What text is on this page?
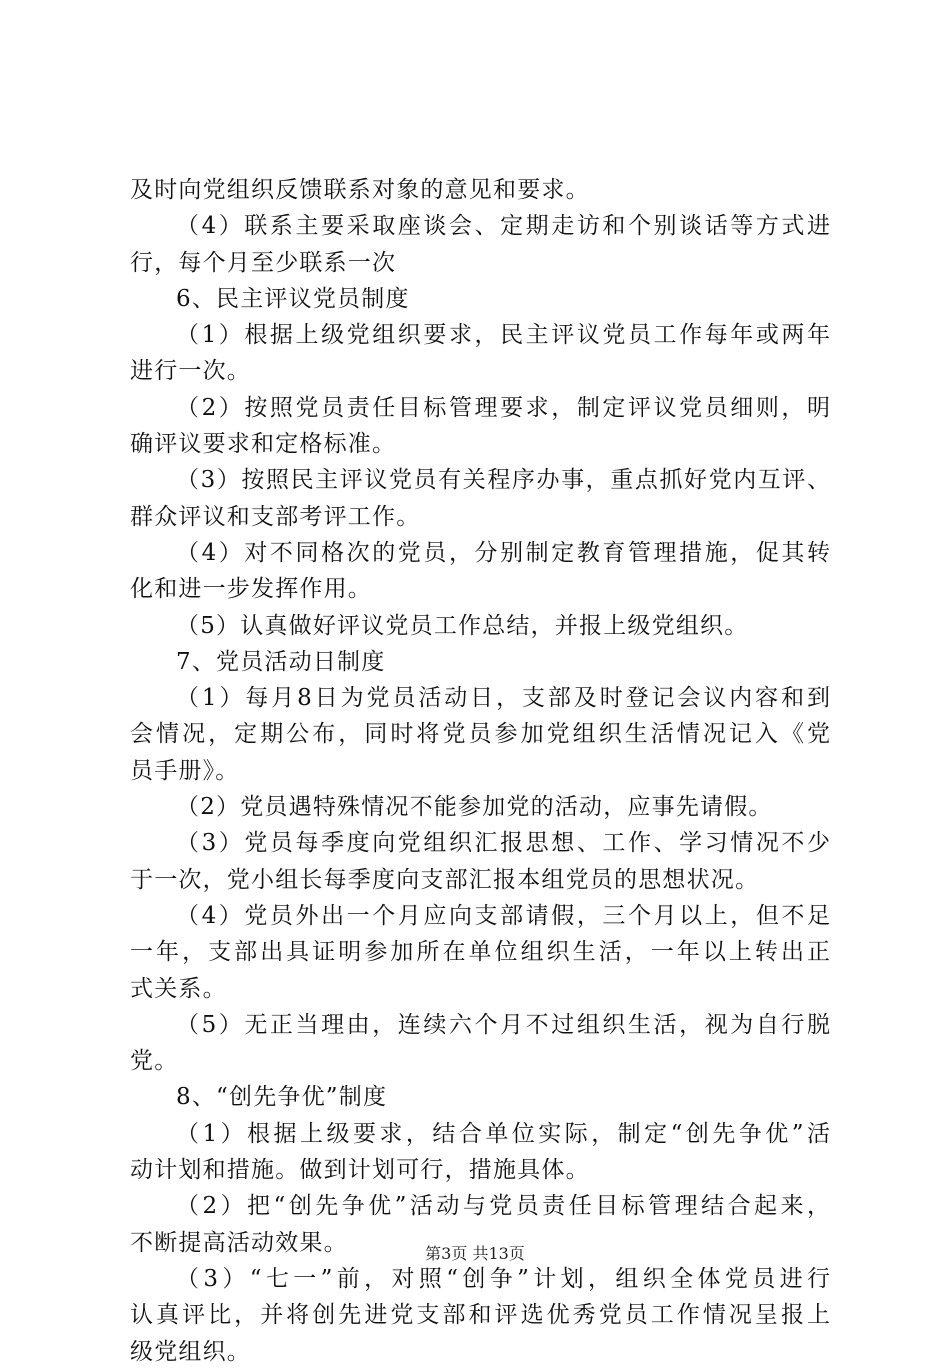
及时向党组织反馈联系对象的意见和要求。
（4）联系主要采取座谈会、定期走访和个别谈话等方式进
行，每个月至少联系一次
6、民主评议党员制度
（1）根据上级党组织要求，民主评议党员工作每年或两年
进行一次。
（2）按照党员责任目标管理要求，制定评议党员细则，明
确评议要求和定格标准。
（3）按照民主评议党员有关程序办事，重点抓好党内互评、
群众评议和支部考评工作。
（4）对不同格次的党员，分别制定教育管理措施，促其转
化和进一步发挥作用。
（5）认真做好评议党员工作总结，并报上级党组织。
7、党员活动日制度
（1）每月8日为党员活动日，支部及时登记会议内容和到
会情况，定期公布，同时将党员参加党组织生活情况记入《党
员手册》。
（2）党员遇特殊情况不能参加党的活动，应事先请假。
（3）党员每季度向党组织汇报思想、工作、学习情况不少
于一次，党小组长每季度向支部汇报本组党员的思想状况。
（4）党员外出一个月应向支部请假，三个月以上，但不足
一年，支部出具证明参加所在单位组织生活，一年以上转出正
式关系。
（5）无正当理由，连续六个月不过组织生活，视为自行脱
党。
8、“创先争优”制度
（1）根据上级要求，结合单位实际，制定“创先争优”活
动计划和措施。做到计划可行，措施具体。
（2）把“创先争优”活动与党员责任目标管理结合起来，
不断提高活动效果。
（3）“七一”前，对照“创争”计划，组织全体党员进行
认真评比，并将创先进党支部和评选优秀党员工作情况呈报上
级党组织。
第3页 共13页
